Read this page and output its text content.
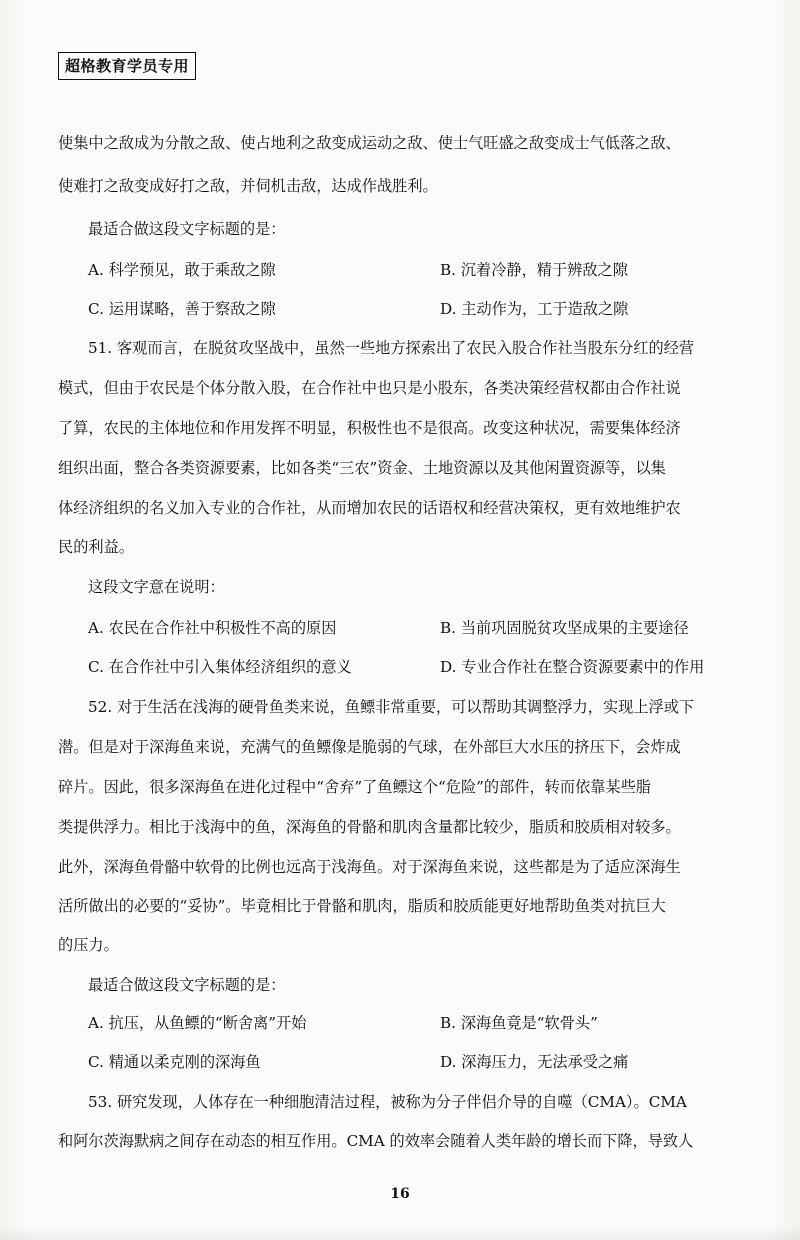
超格教育学员专用
使集中之敌成为分散之敌、使占地利之敌变成运动之敌、使士气旺盛之敌变成士气低落之敌、
使难打之敌变成好打之敌，并伺机击敌，达成作战胜利。
最适合做这段文字标题的是：
A. 科学预见，敢于乘敌之隙	B. 沉着冷静，精于辨敌之隙
C. 运用谋略，善于察敌之隙	D. 主动作为，工于造敌之隙
51. 客观而言，在脱贫攻坚战中，虽然一些地方探索出了农民入股合作社当股东分红的经营
模式，但由于农民是个体分散入股，在合作社中也只是小股东，各类决策经营权都由合作社说
了算，农民的主体地位和作用发挥不明显，积极性也不是很高。改变这种状况，需要集体经济
组织出面，整合各类资源要素，比如各类“三农”资金、土地资源以及其他闲置资源等，以集
体经济组织的名义加入专业的合作社，从而增加农民的话语权和经营决策权，更有效地维护农
民的利益。
这段文字意在说明：
A. 农民在合作社中积极性不高的原因	B. 当前巩固脱贫攻坚成果的主要途径
C. 在合作社中引入集体经济组织的意义	D. 专业合作社在整合资源要素中的作用
52. 对于生活在浅海的硬骨鱼类来说，鱼鳔非常重要，可以帮助其调整浮力，实现上浮或下
潜。但是对于深海鱼来说，充满气的鱼鳔像是脆弱的气球，在外部巨大水压的挤压下，会炸成
碎片。因此，很多深海鱼在进化过程中“舍弃”了鱼鳔这个“危险”的部件，转而依靠某些脂
类提供浮力。相比于浅海中的鱼，深海鱼的骨骼和肌肉含量都比较少，脂质和胶质相对较多。
此外，深海鱼骨骼中软骨的比例也远高于浅海鱼。对于深海鱼来说，这些都是为了适应深海生
活所做出的必要的“妥协”。毕竟相比于骨骼和肌肉，脂质和胶质能更好地帮助鱼类对抗巨大
的压力。
最适合做这段文字标题的是：
A. 抗压，从鱼鳔的“断舍离”开始	B. 深海鱼竟是“软骨头”
C. 精通以柔克刚的深海鱼	D. 深海压力，无法承受之痛
53. 研究发现，人体存在一种细胞清洁过程，被称为分子伴侣介导的自噬（CMA）。CMA
和阿尔茨海默病之间存在动态的相互作用。CMA 的效率会随着人类年龄的增长而下降，导致人
16
